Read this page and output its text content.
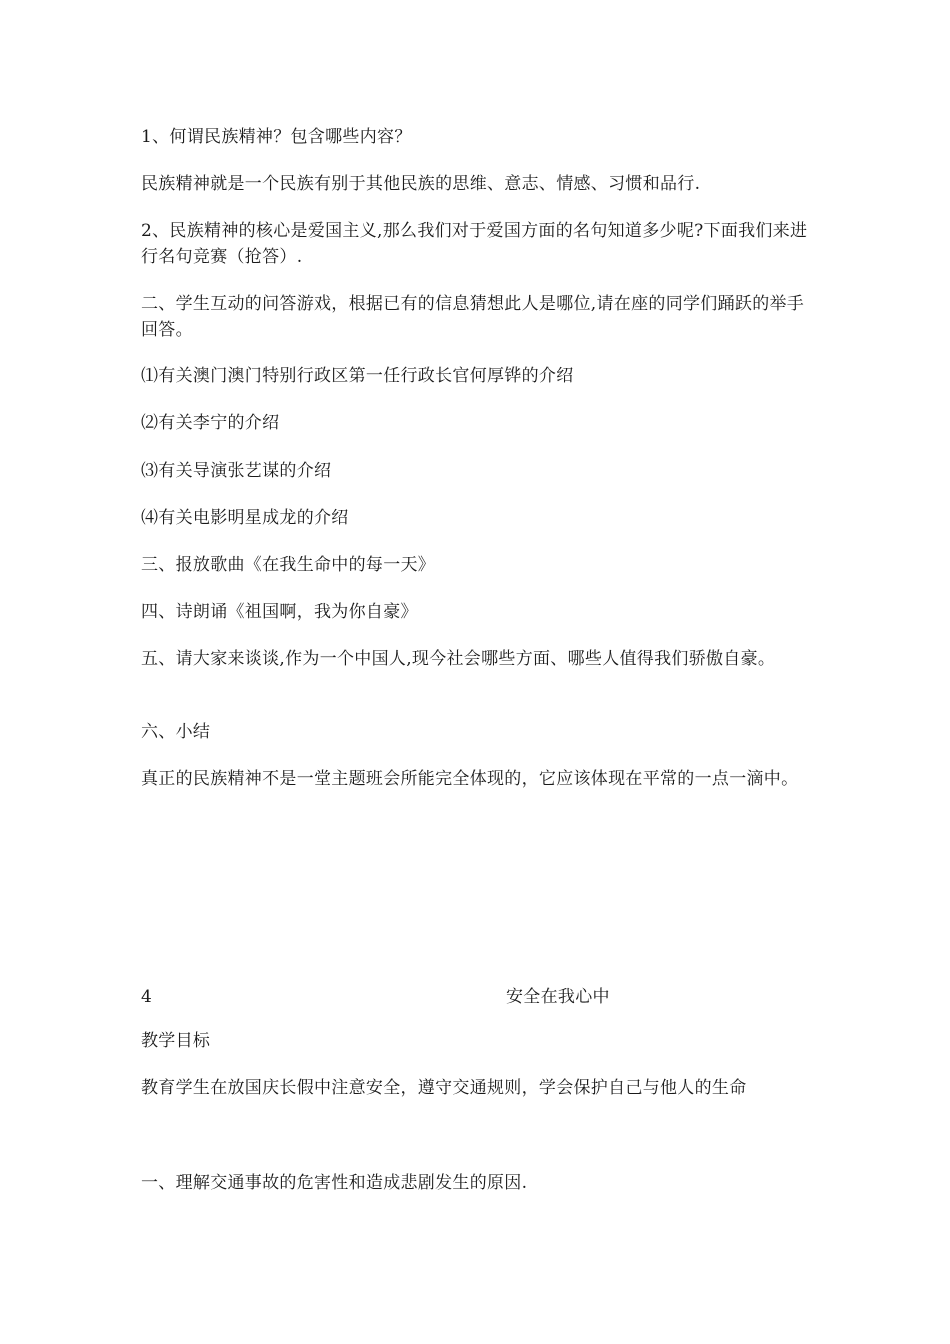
1、何谓民族精神？包含哪些内容？

民族精神就是一个民族有别于其他民族的思维、意志、情感、习惯和品行.

2、民族精神的核心是爱国主义,那么我们对于爱国方面的名句知道多少呢?下面我们来进行名句竞赛（抢答）.

二、学生互动的问答游戏，根据已有的信息猜想此人是哪位,请在座的同学们踊跃的举手回答。

⑴有关澳门澳门特别行政区第一任行政长官何厚铧的介绍

⑵有关李宁的介绍

⑶有关导演张艺谋的介绍

⑷有关电影明星成龙的介绍

三、报放歌曲《在我生命中的每一天》

四、诗朗诵《祖国啊，我为你自豪》

五、请大家来谈谈,作为一个中国人,现今社会哪些方面、哪些人值得我们骄傲自豪。

六、小结

真正的民族精神不是一堂主题班会所能完全体现的，它应该体现在平常的一点一滴中。

4	安全在我心中

教学目标

教育学生在放国庆长假中注意安全，遵守交通规则，学会保护自己与他人的生命

一、理解交通事故的危害性和造成悲剧发生的原因.
